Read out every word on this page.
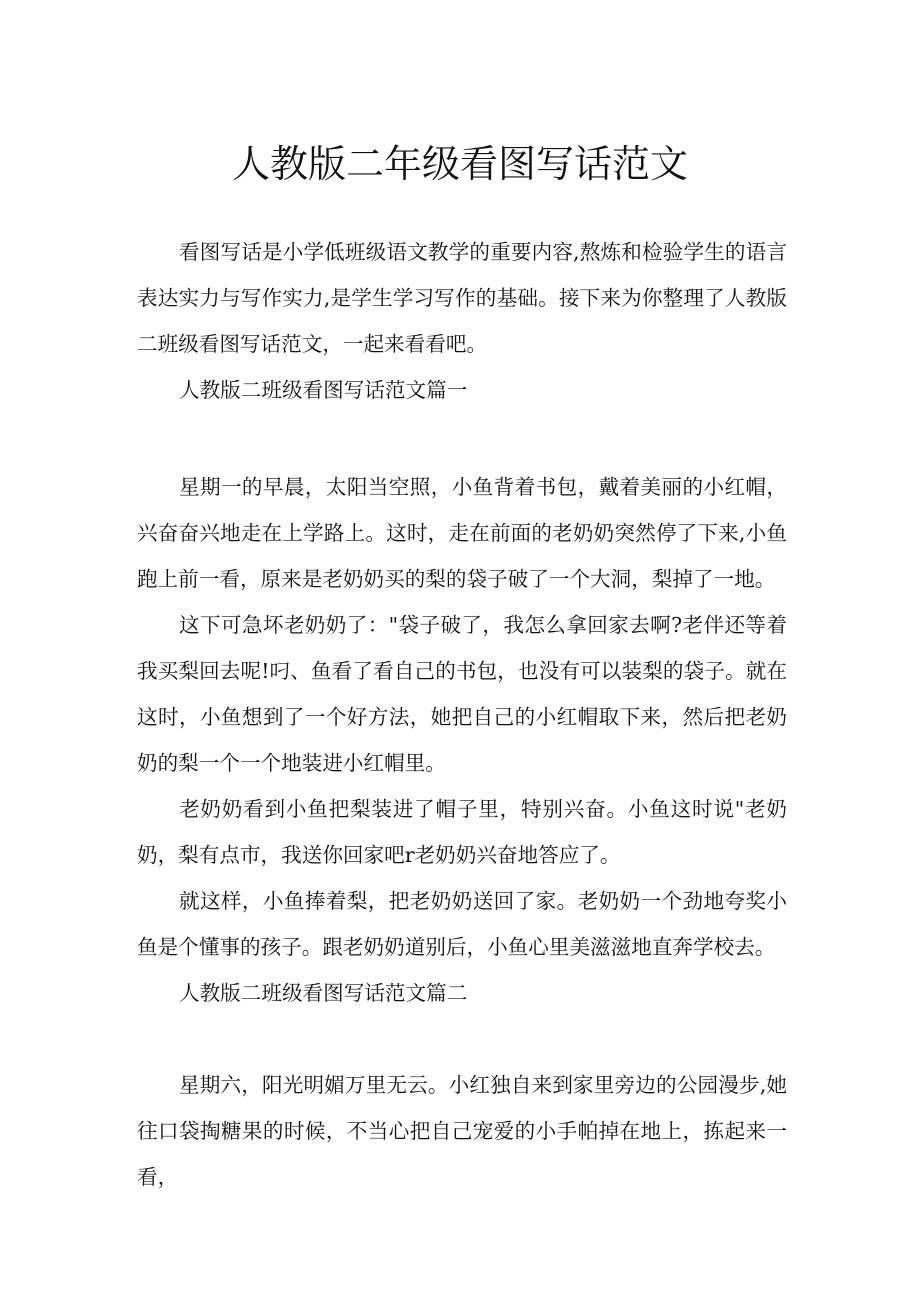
人教版二年级看图写话范文

看图写话是小学低班级语文教学的重要内容,熬炼和检验学生的语言表达实力与写作实力,是学生学习写作的基础。接下来为你整理了人教版二班级看图写话范文，一起来看看吧。

人教版二班级看图写话范文篇一

星期一的早晨，太阳当空照，小鱼背着书包，戴着美丽的小红帽，兴奋奋兴地走在上学路上。这时，走在前面的老奶奶突然停了下来,小鱼跑上前一看，原来是老奶奶买的梨的袋子破了一个大洞，梨掉了一地。

这下可急坏老奶奶了："袋子破了，我怎么拿回家去啊?老伴还等着我买梨回去呢!叼、鱼看了看自己的书包，也没有可以装梨的袋子。就在这时，小鱼想到了一个好方法，她把自己的小红帽取下来，然后把老奶奶的梨一个一个地装进小红帽里。

老奶奶看到小鱼把梨装进了帽子里，特别兴奋。小鱼这时说"老奶奶，梨有点市，我送你回家吧r老奶奶兴奋地答应了。

就这样，小鱼捧着梨，把老奶奶送回了家。老奶奶一个劲地夸奖小鱼是个懂事的孩子。跟老奶奶道别后，小鱼心里美滋滋地直奔学校去。

人教版二班级看图写话范文篇二

星期六，阳光明媚万里无云。小红独自来到家里旁边的公园漫步,她往口袋掏糖果的时候，不当心把自己宠爱的小手帕掉在地上，拣起来一看，
